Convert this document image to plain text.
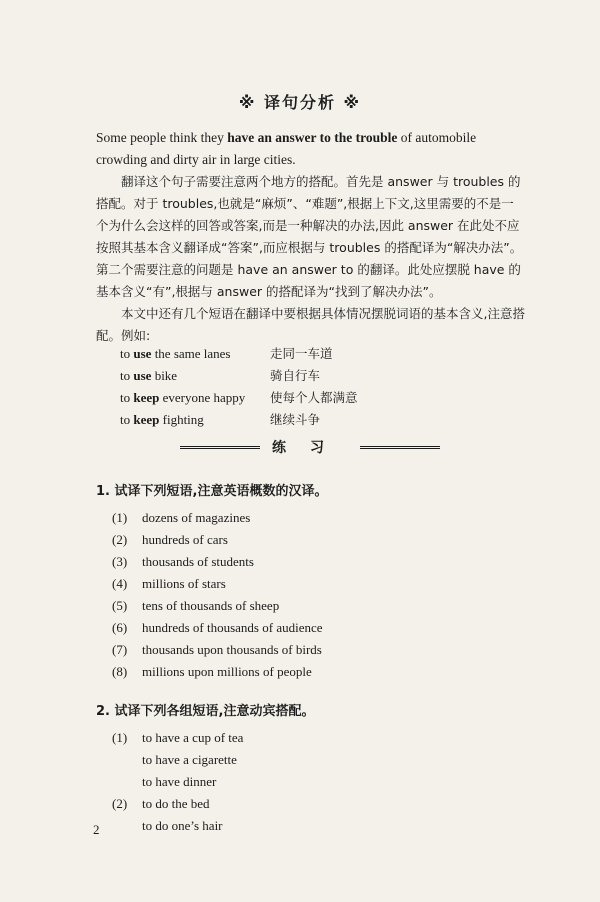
※ 译句分析 ※

Some people think they have an answer to the trouble of automobile crowding and dirty air in large cities.

翻译这个句子需要注意两个地方的搭配。首先是 answer 与 troubles 的搭配。对于 troubles,也就是“麻烦”、“难题”,根据上下文,这里需要的不是一个为什么会这样的回答或答案,而是一种解决的办法,因此 answer 在此处不应按照其基本含义翻译成“答案”,而应根据与 troubles 的搭配译为“解决办法”。第二个需要注意的问题是 have an answer to 的翻译。此处应摆脱 have 的基本含义“有”,根据与 answer 的搭配译为“找到了解决办法”。

本文中还有几个短语在翻译中要根据具体情况摆脱词语的基本含义,注意搭配。例如:

to use the same lanes	走同一车道
to use bike	骑自行车
to keep everyone happy 使每个人都满意
to keep fighting	继续斗争
练习
1. 试译下列短语,注意英语概数的汉译。
(1) dozens of magazines
(2) hundreds of cars
(3) thousands of students
(4) millions of stars
(5) tens of thousands of sheep
(6) hundreds of thousands of audience
(7) thousands upon thousands of birds
(8) millions upon millions of people
2. 试译下列各组短语,注意动宾搭配。
(1) to have a cup of tea
to have a cigarette
to have dinner
(2) to do the bed
to do one’s hair
2
